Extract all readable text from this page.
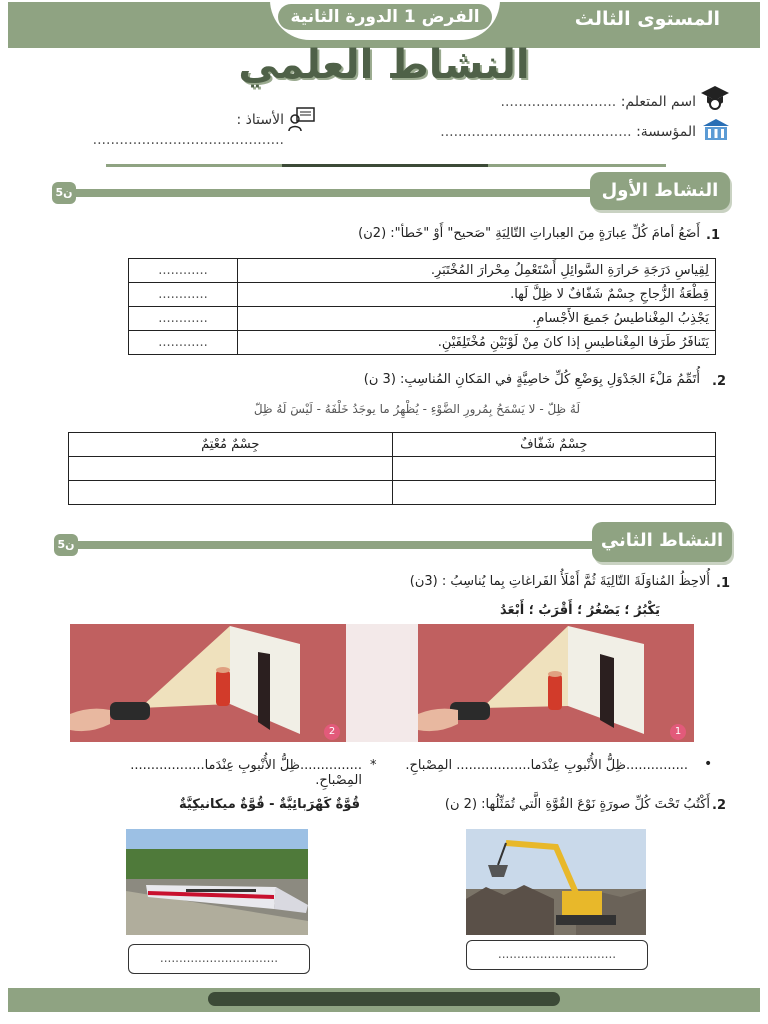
الفرض 1 الدورة الثانية	المستوى الثالث
النشاط العلمي
اسم المتعلم: ..........................
المؤسسة: ...........................................
الأستاذ : ...........................................
5ن	النشاط الأول
أَضَعُ أمامَ كُلِّ عِبارَةٍ مِنَ العِباراتِ التّالِيَةِ "صَحيح" أَوْ "خَطأ": (2ن) .1
............	لِقِياسِ دَرَجَةِ حَرارَةِ السَّوائِلِ أَسْتَعْمِلُ مِحْرارَ المُخْتَبَرِ.
............	قِطْعَةُ الزُّجاجِ جِسْمٌ شَفّافٌ لا ظِلَّ لَها.
............	يَجْذِبُ المِغْناطيسُ جَميعَ الأَجْسامِ.
............	يَتَنافَرُ طَرَفا المِغْناطيسِ إذا كانَ مِنْ لَوْنَيْنِ مُخْتَلِفَيْنِ.
أُتَمِّمُ مَلْءَ الجَدْوَلِ بِوَضْعِ كُلِّ خاصِيَّةٍ في المَكانِ المُناسِبِ: (3 ن) .2
لَهُ ظِلّ - لا يَسْمَحُ بِمُرورِ الضَّوْءِ - يُظْهِرُ ما يوجَدُ خَلْفَهُ - لَيْسَ لَهُ ظِلّ
جِسْمٌ مُعْتِمٌ	جِسْمٌ شَفّافٌ

5ن	النشاط الثاني
أُلاحِظُ المُناوَلَةَ التّالِيَةَ ثُمَّ أَمْلَأُ الفَراغاتِ بِما يُناسِبُ : (3ن) .1
يَكْبُرُ ؛ يَصْغُرُ ؛ أَقْرَبُ ؛ أَبْعَدُ
2	1
•
...............ظِلُّ الأُنْبوبِ عِنْدَما.................. المِصْباحِ.
*
...............ظِلُّ الأُنْبوبِ عِنْدَما.................. المِصْباحِ.
أَكْتُبُ تَحْتَ كُلِّ صورَةٍ نَوْعَ القُوَّةِ الَّتي تُمَثِّلُها: (2 ن) .2
قُوَّةٌ كَهْرَبائِيَّةٌ - قُوَّةٌ ميكانيكِيَّةٌ
...............................	...............................
